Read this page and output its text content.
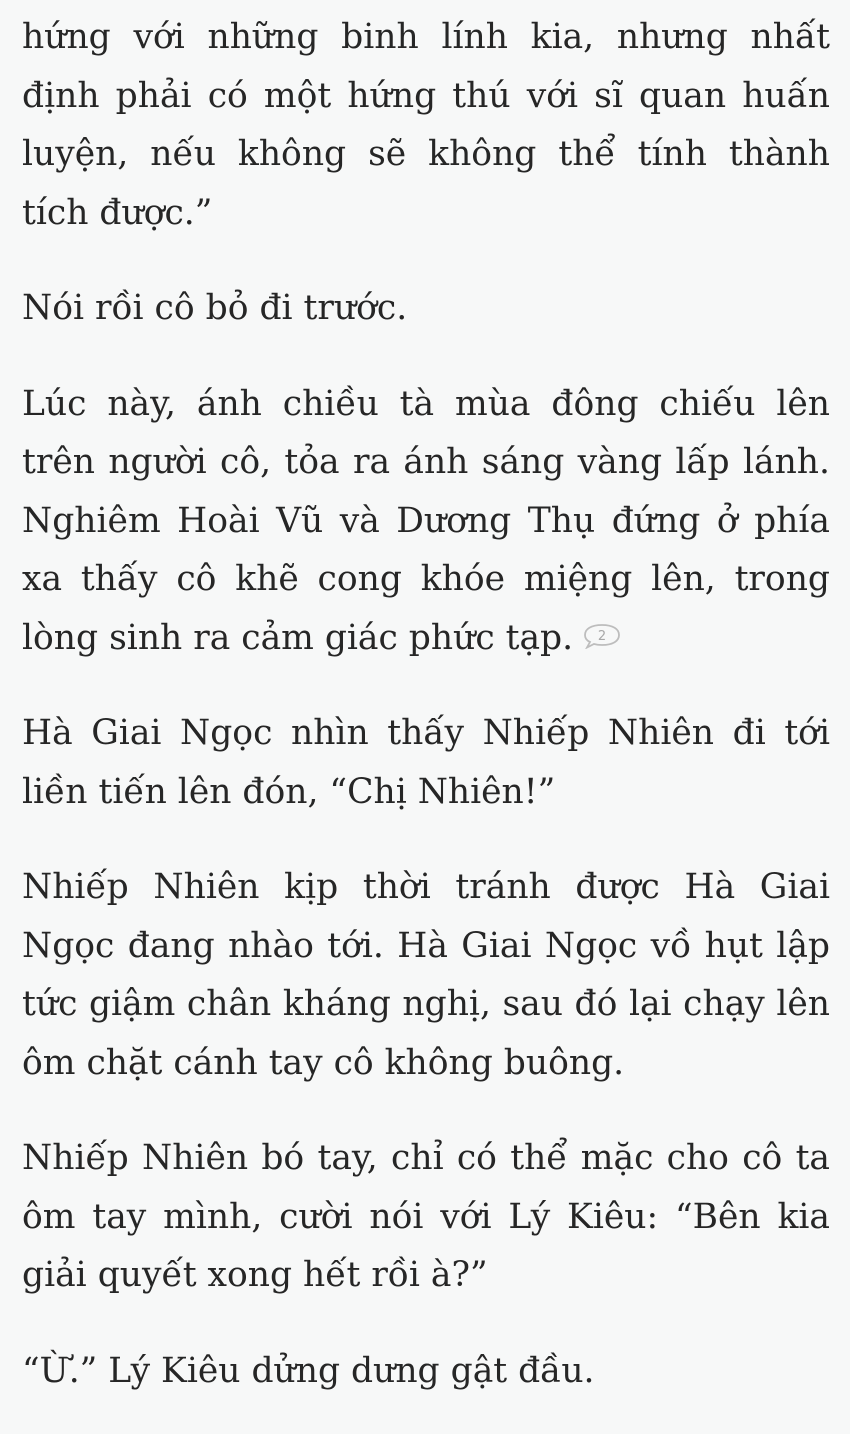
hứng với những binh lính kia, nhưng nhất định phải có một hứng thú với sĩ quan huấn luyện, nếu không sẽ không thể tính thành tích được.”

Nói rồi cô bỏ đi trước.

Lúc này, ánh chiều tà mùa đông chiếu lên trên người cô, tỏa ra ánh sáng vàng lấp lánh. Nghiêm Hoài Vũ và Dương Thụ đứng ở phía xa thấy cô khẽ cong khóe miệng lên, trong lòng sinh ra cảm giác phức tạp. 2

Hà Giai Ngọc nhìn thấy Nhiếp Nhiên đi tới liền tiến lên đón, “Chị Nhiên!”

Nhiếp Nhiên kịp thời tránh được Hà Giai Ngọc đang nhào tới. Hà Giai Ngọc vồ hụt lập tức giậm chân kháng nghị, sau đó lại chạy lên ôm chặt cánh tay cô không buông.

Nhiếp Nhiên bó tay, chỉ có thể mặc cho cô ta ôm tay mình, cười nói với Lý Kiêu: “Bên kia giải quyết xong hết rồi à?”

“Ừ.” Lý Kiêu dửng dưng gật đầu.
